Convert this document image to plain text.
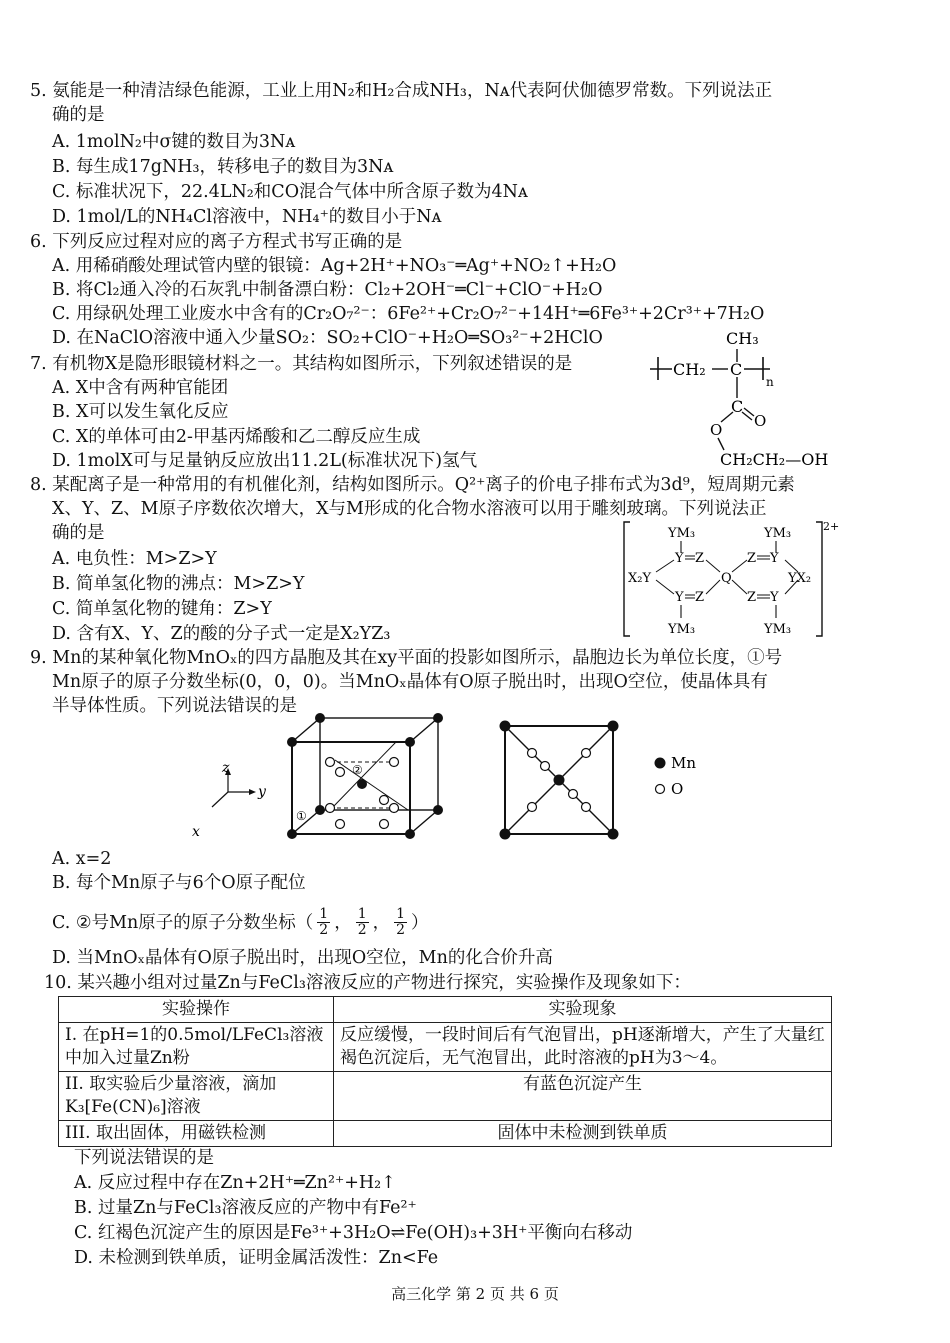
5. 氨能是一种清洁绿色能源，工业上用N₂和H₂合成NH₃，Nᴀ代表阿伏伽德罗常数。下列说法正
确的是
A. 1molN₂中σ键的数目为3Nᴀ
B. 每生成17gNH₃，转移电子的数目为3Nᴀ
C. 标准状况下，22.4LN₂和CO混合气体中所含原子数为4Nᴀ
D. 1mol/L的NH₄Cl溶液中，NH₄⁺的数目小于Nᴀ
6. 下列反应过程对应的离子方程式书写正确的是
A. 用稀硝酸处理试管内壁的银镜：Ag+2H⁺+NO₃⁻═Ag⁺+NO₂↑+H₂O
B. 将Cl₂通入冷的石灰乳中制备漂白粉：Cl₂+2OH⁻═Cl⁻+ClO⁻+H₂O
C. 用绿矾处理工业废水中含有的Cr₂O₇²⁻：6Fe²⁺+Cr₂O₇²⁻+14H⁺═6Fe³⁺+2Cr³⁺+7H₂O
D. 在NaClO溶液中通入少量SO₂：SO₂+ClO⁻+H₂O═SO₃²⁻+2HClO
7. 有机物X是隐形眼镜材料之一。其结构如图所示，下列叙述错误的是
A. X中含有两种官能团
B. X可以发生氧化反应
C. X的单体可由2-甲基丙烯酸和乙二醇反应生成
D. 1molX可与足量钠反应放出11.2L(标准状况下)氢气
CH₃
CH₂ C
n
C
O
O
CH₂CH₂—OH
8. 某配离子是一种常用的有机催化剂，结构如图所示。Q²⁺离子的价电子排布式为3d⁹，短周期元素
X、Y、Z、M原子序数依次增大，X与M形成的化合物水溶液可以用于雕刻玻璃。下列说法正
确的是
A. 电负性：M>Z>Y
B. 简单氢化物的沸点：M>Z>Y
C. 简单氢化物的键角：Z>Y
D. 含有X、Y、Z的酸的分子式一定是X₂YZ₃
2+
YM₃	YM₃
YM₃	YM₃
Y Z
Y Z
Z Y
Z Y
Q
X₂Y	YX₂
9. Mn的某种氧化物MnOₓ的四方晶胞及其在xy平面的投影如图所示，晶胞边长为单位长度，①号
Mn原子的原子分数坐标(0，0，0)。当MnOₓ晶体有O原子脱出时，出现O空位，使晶体具有
半导体性质。下列说法错误的是
z
y
x
①
②	Mn
O
A. x=2
B. 每个Mn原子与6个O原子配位
C. ②号Mn原子的原子分数坐标（ 1
2 ， 1
2 ， 1
2 ）
D. 当MnOₓ晶体有O原子脱出时，出现O空位，Mn的化合价升高
10. 某兴趣小组对过量Zn与FeCl₃溶液反应的产物进行探究，实验操作及现象如下：
实验操作	实验现象
I. 在pH=1的0.5mol/LFeCl₃溶液中加入过量Zn粉	反应缓慢，一段时间后有气泡冒出，pH逐渐增大，产生了大量红褐色沉淀后，无气泡冒出，此时溶液的pH为3～4。
II. 取实验后少量溶液，滴加K₃[Fe(CN)₆]溶液	有蓝色沉淀产生
III. 取出固体，用磁铁检测	固体中未检测到铁单质
下列说法错误的是
A. 反应过程中存在Zn+2H⁺═Zn²⁺+H₂↑
B. 过量Zn与FeCl₃溶液反应的产物中有Fe²⁺
C. 红褐色沉淀产生的原因是Fe³⁺+3H₂O⇌Fe(OH)₃+3H⁺平衡向右移动
D. 未检测到铁单质，证明金属活泼性：Zn<Fe
高三化学 第 2 页 共 6 页
